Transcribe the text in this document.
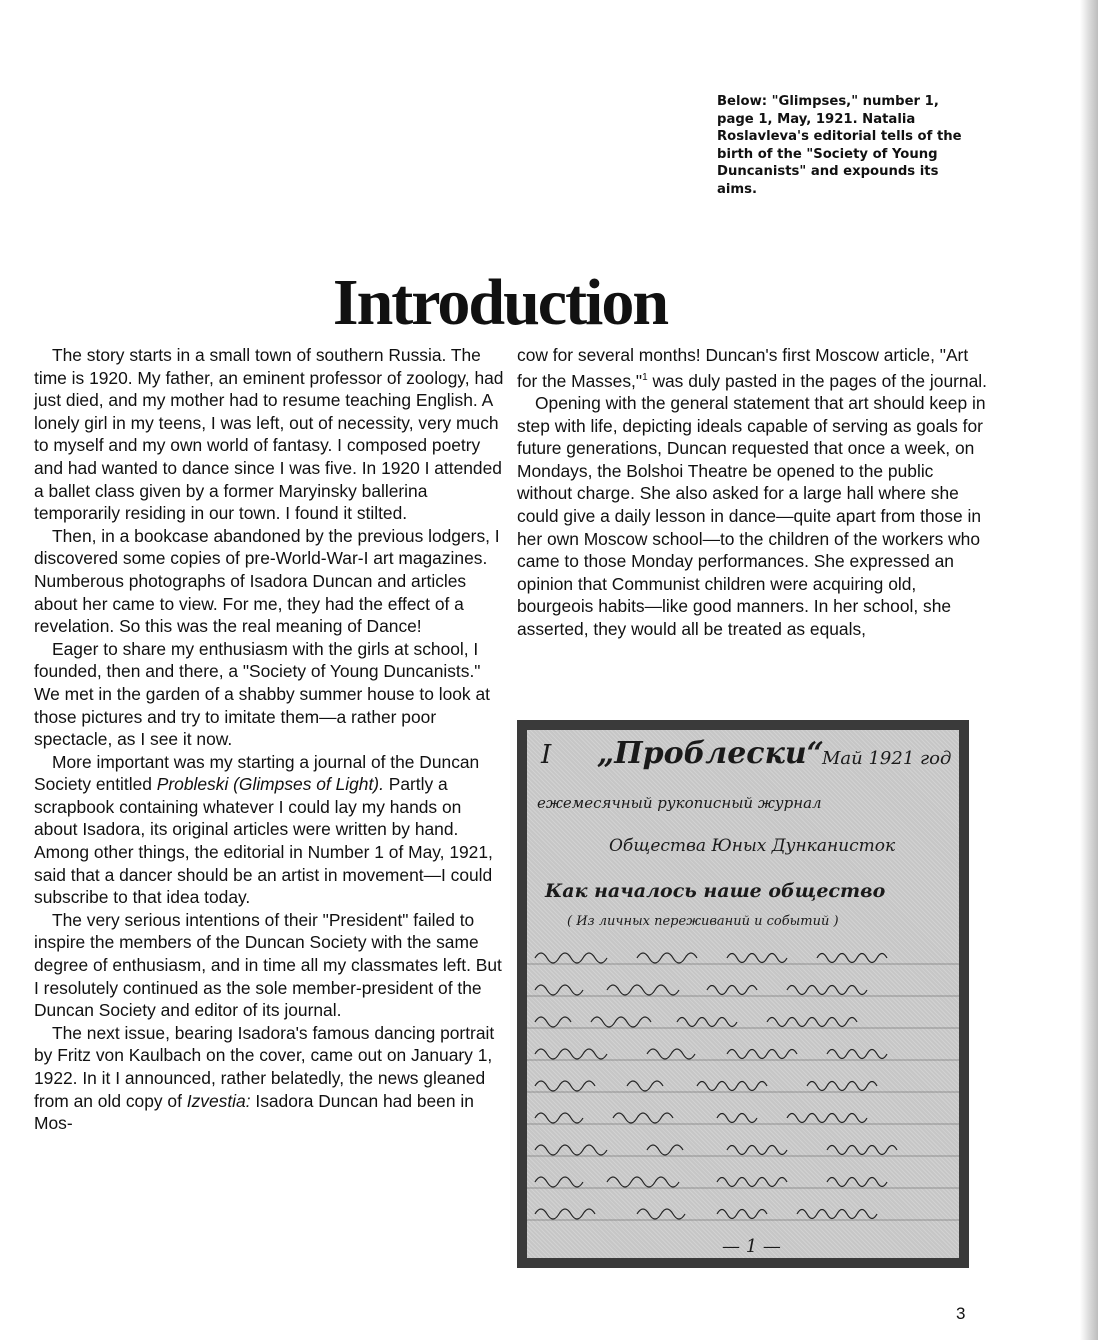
Below: "Glimpses," number 1, page 1, May, 1921. Natalia Roslavleva's editorial tells of the birth of the "Society of Young Duncanists" and expounds its aims.
Introduction

The story starts in a small town of southern Russia. The time is 1920. My father, an eminent professor of zoology, had just died, and my mother had to resume teaching English. A lonely girl in my teens, I was left, out of necessity, very much to myself and my own world of fantasy. I composed poetry and had wanted to dance since I was five. In 1920 I attended a ballet class given by a former Maryinsky ballerina temporarily residing in our town. I found it stilted.

Then, in a bookcase abandoned by the previous lodgers, I discovered some copies of pre-World-War-I art magazines. Numberous photographs of Isadora Duncan and articles about her came to view. For me, they had the effect of a revelation. So this was the real meaning of Dance!

Eager to share my enthusiasm with the girls at school, I founded, then and there, a "Society of Young Duncanists." We met in the garden of a shabby summer house to look at those pictures and try to imitate them—a rather poor spectacle, as I see it now.

More important was my starting a journal of the Duncan Society entitled Probleski (Glimpses of Light). Partly a scrapbook containing whatever I could lay my hands on about Isadora, its original articles were written by hand. Among other things, the editorial in Number 1 of May, 1921, said that a dancer should be an artist in movement—I could subscribe to that idea today.

The very serious intentions of their "President" failed to inspire the members of the Duncan Society with the same degree of enthusiasm, and in time all my classmates left. But I resolutely continued as the sole member-president of the Duncan Society and editor of its journal.

The next issue, bearing Isadora's famous dancing portrait by Fritz von Kaulbach on the cover, came out on January 1, 1922. In it I announced, rather belatedly, the news gleaned from an old copy of Izvestia: Isadora Duncan had been in Mos-

cow for several months! Duncan's first Moscow article, "Art for the Masses,"$^1$ was duly pasted in the pages of the journal.

Opening with the general statement that art should keep in step with life, depicting ideals capable of serving as goals for future generations, Duncan requested that once a week, on Mondays, the Bolshoi Theatre be opened to the public without charge. She also asked for a large hall where she could give a daily lesson in dance—quite apart from those in her own Moscow school—to the children of the workers who came to those Monday performances. She expressed an opinion that Communist children were acquiring old, bourgeois habits—like good manners. In her school, she asserted, they would all be treated as equals,

I „Проблески“
Май 1921 год
ежемесячный рукописный журнал
Общества Юных Дунканисток
Как началось наше общество
( Из личных переживаний и событий )
— 1 —
3
